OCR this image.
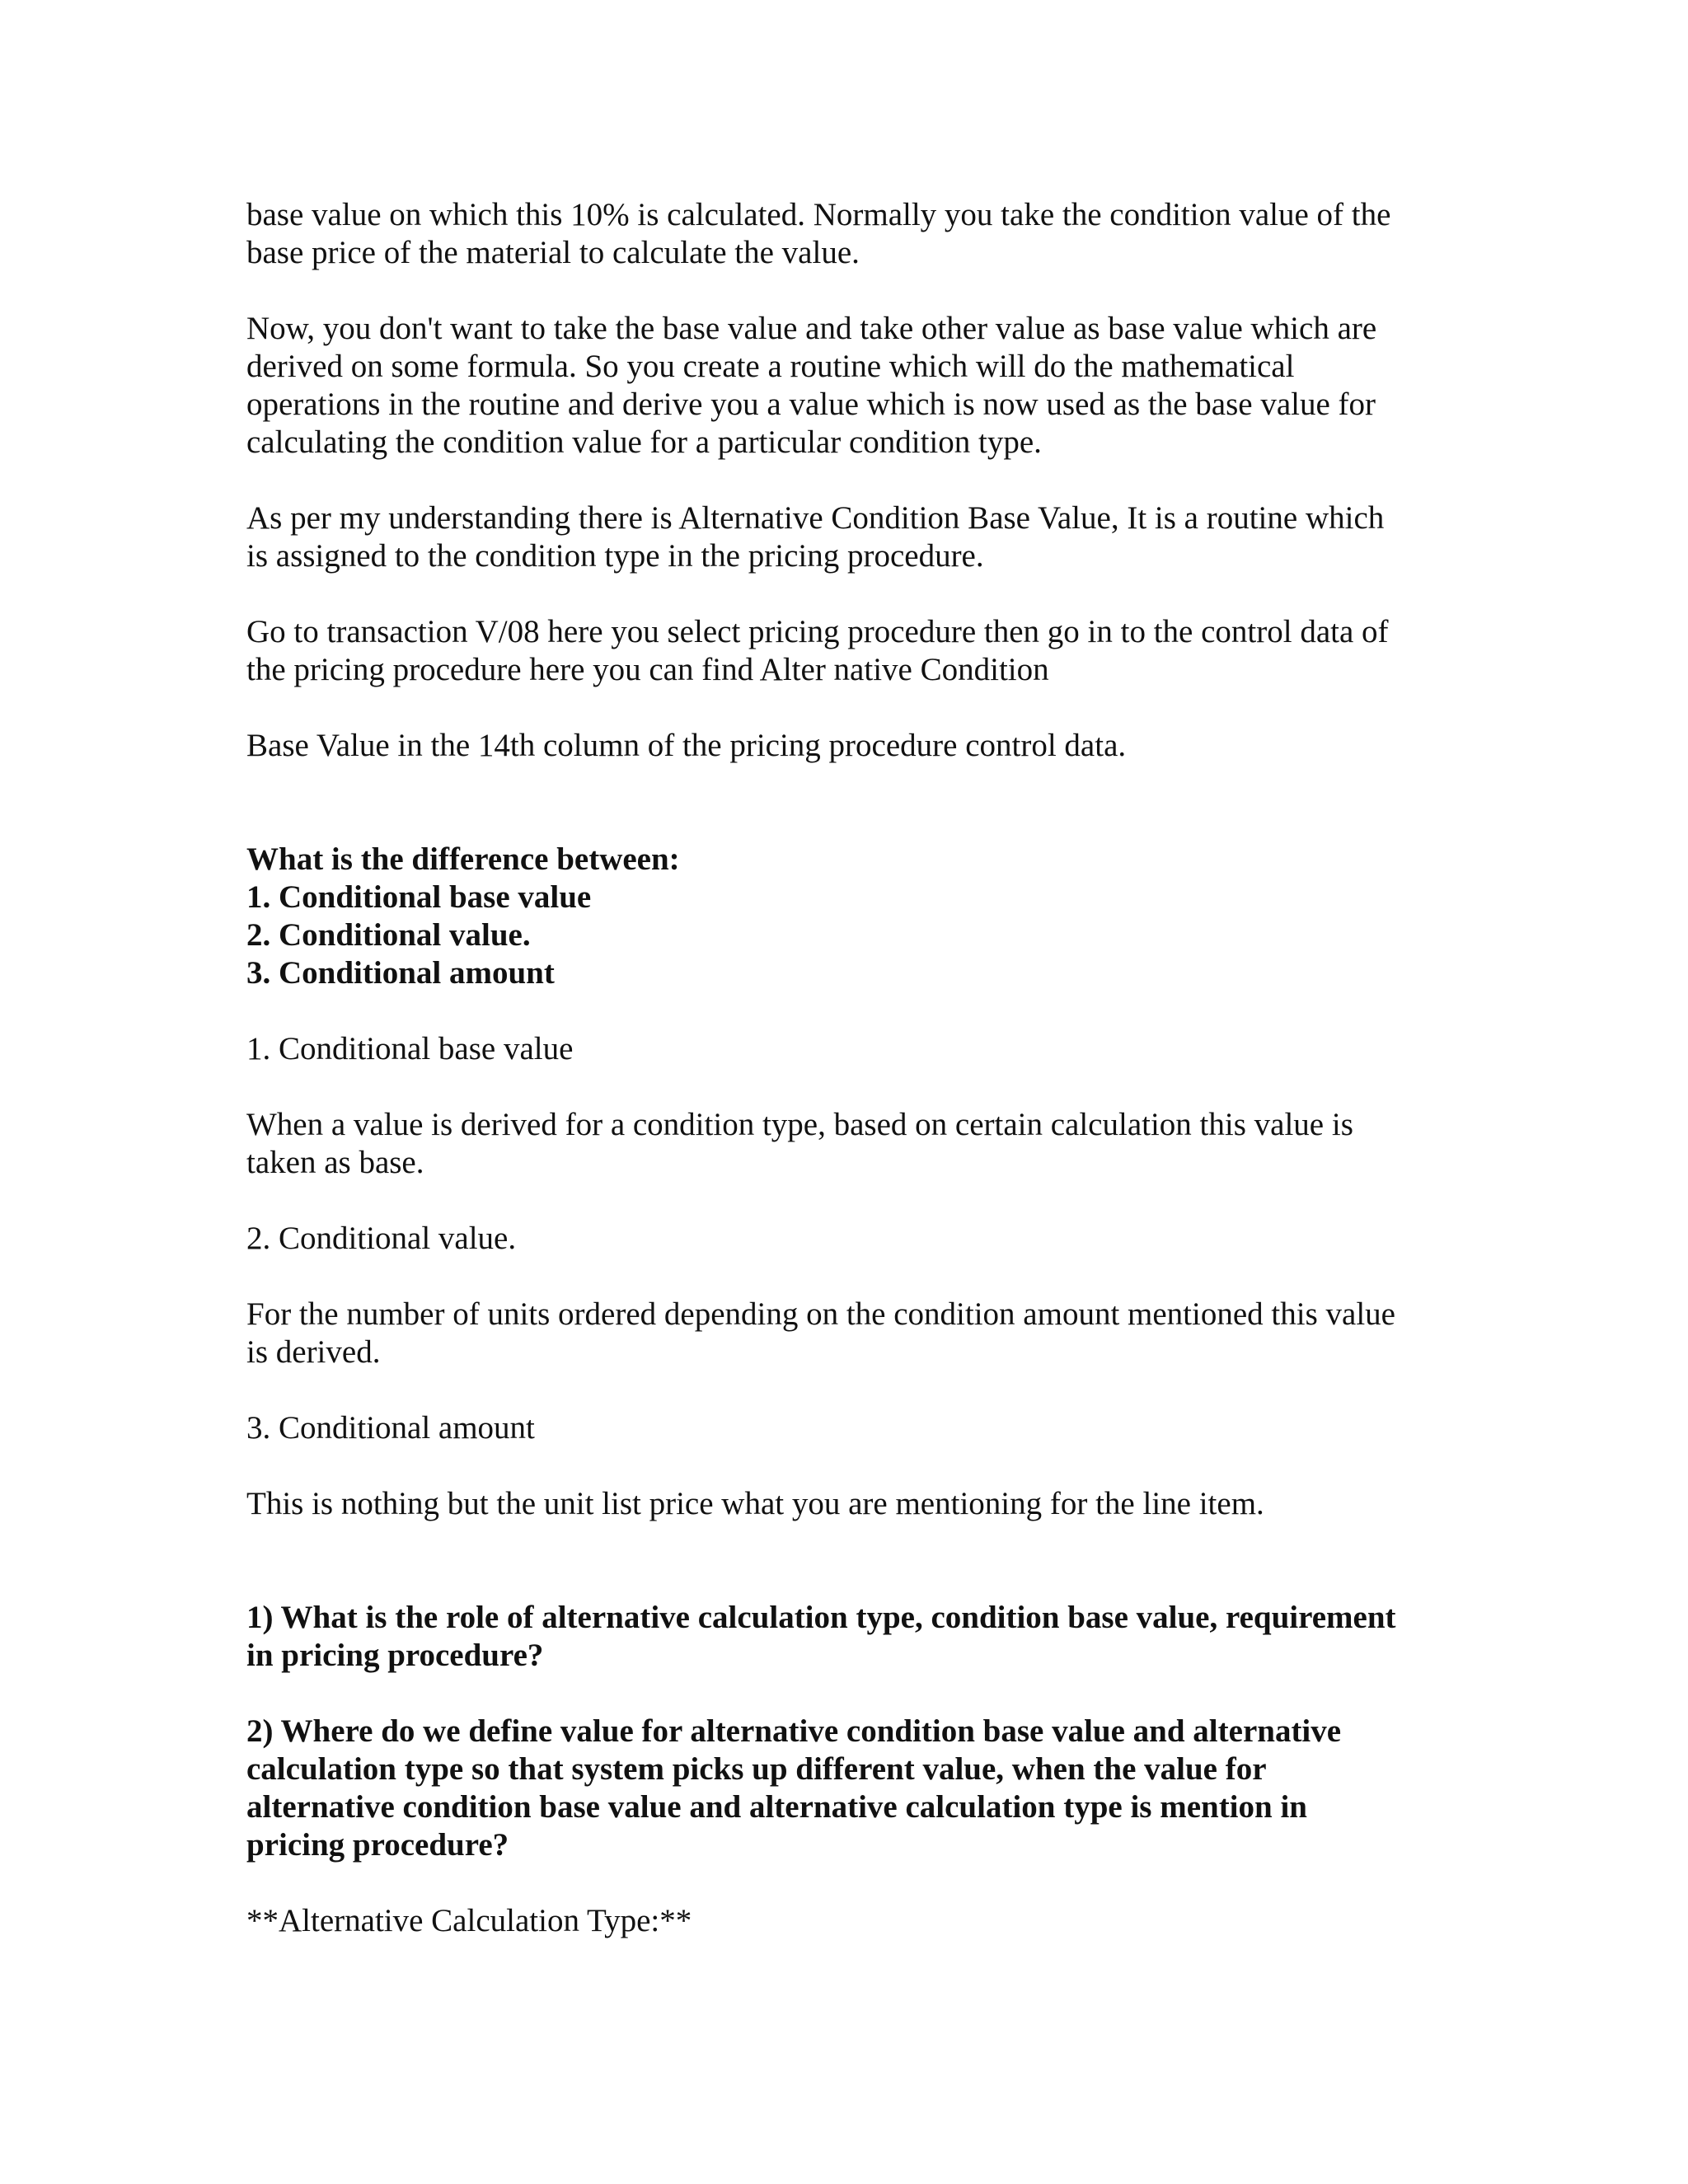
base value on which this 10% is calculated. Normally you take the condition value of the
base price of the material to calculate the value.

Now, you don't want to take the base value and take other value as base value which are
derived on some formula. So you create a routine which will do the mathematical
operations in the routine and derive you a value which is now used as the base value for
calculating the condition value for a particular condition type.

As per my understanding there is Alternative Condition Base Value, It is a routine which
is assigned to the condition type in the pricing procedure.

Go to transaction V/08 here you select pricing procedure then go in to the control data of
the pricing procedure here you can find Alter native Condition

Base Value in the 14th column of the pricing procedure control data.

What is the difference between:
1. Conditional base value
2. Conditional value.
3. Conditional amount

1. Conditional base value

When a value is derived for a condition type, based on certain calculation this value is
taken as base.

2. Conditional value.

For the number of units ordered depending on the condition amount mentioned this value
is derived.

3. Conditional amount

This is nothing but the unit list price what you are mentioning for the line item.

1) What is the role of alternative calculation type, condition base value, requirement
in pricing procedure?

2) Where do we define value for alternative condition base value and alternative
calculation type so that system picks up different value, when the value for
alternative condition base value and alternative calculation type is mention in
pricing procedure?

**Alternative Calculation Type:**
